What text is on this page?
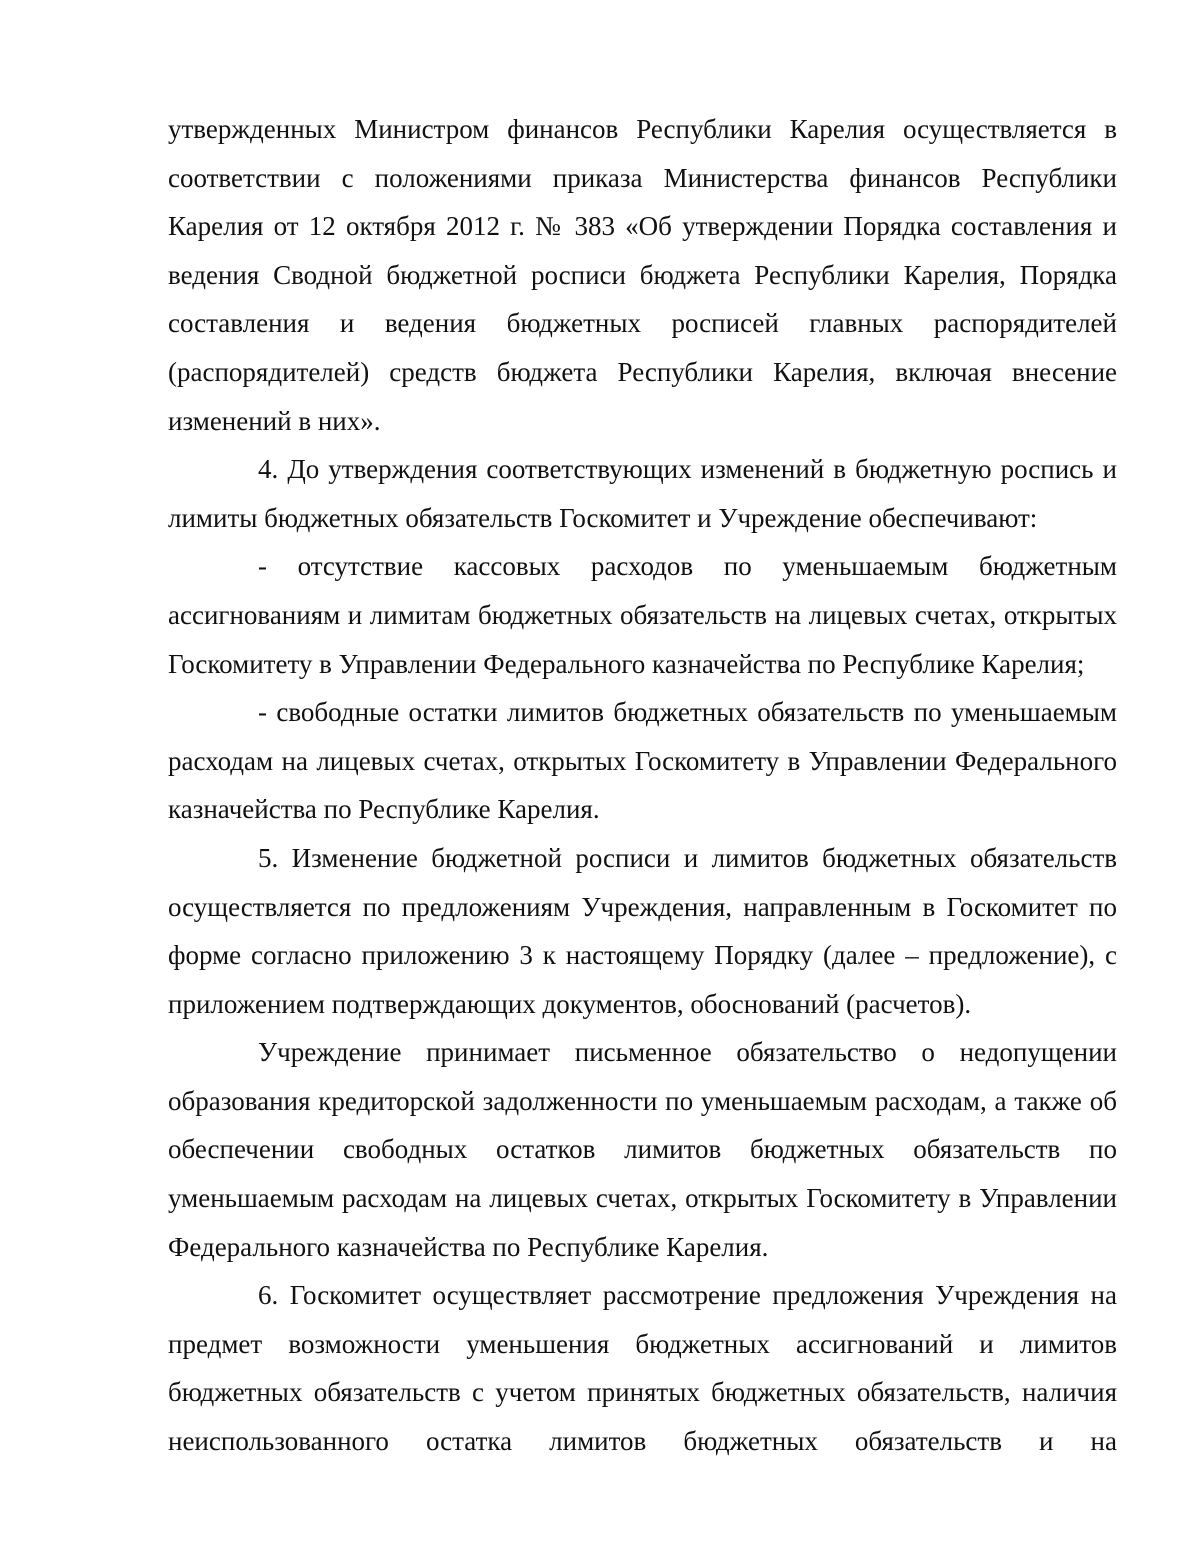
утвержденных Министром финансов Республики Карелия осуществляется в соответствии с положениями приказа Министерства финансов Республики Карелия от 12 октября 2012 г. № 383 «Об утверждении Порядка составления и ведения Сводной бюджетной росписи бюджета Республики Карелия, Порядка составления и ведения бюджетных росписей главных распорядителей (распорядителей) средств бюджета Республики Карелия, включая внесение изменений в них».

4. До утверждения соответствующих изменений в бюджетную роспись и лимиты бюджетных обязательств Госкомитет и Учреждение обеспечивают:

- отсутствие кассовых расходов по уменьшаемым бюджетным ассигнованиям и лимитам бюджетных обязательств на лицевых счетах, открытых Госкомитету в Управлении Федерального казначейства по Республике Карелия;

- свободные остатки лимитов бюджетных обязательств по уменьшаемым расходам на лицевых счетах, открытых Госкомитету в Управлении Федерального казначейства по Республике Карелия.

5. Изменение бюджетной росписи и лимитов бюджетных обязательств осуществляется по предложениям Учреждения, направленным в Госкомитет по форме согласно приложению 3 к настоящему Порядку (далее – предложение), с приложением подтверждающих документов, обоснований (расчетов).

Учреждение принимает письменное обязательство о недопущении образования кредиторской задолженности по уменьшаемым расходам, а также об обеспечении свободных остатков лимитов бюджетных обязательств по уменьшаемым расходам на лицевых счетах, открытых Госкомитету в Управлении Федерального казначейства по Республике Карелия.

6. Госкомитет осуществляет рассмотрение предложения Учреждения на предмет возможности уменьшения бюджетных ассигнований и лимитов бюджетных обязательств с учетом принятых бюджетных обязательств, наличия неиспользованного остатка лимитов бюджетных обязательств и на
